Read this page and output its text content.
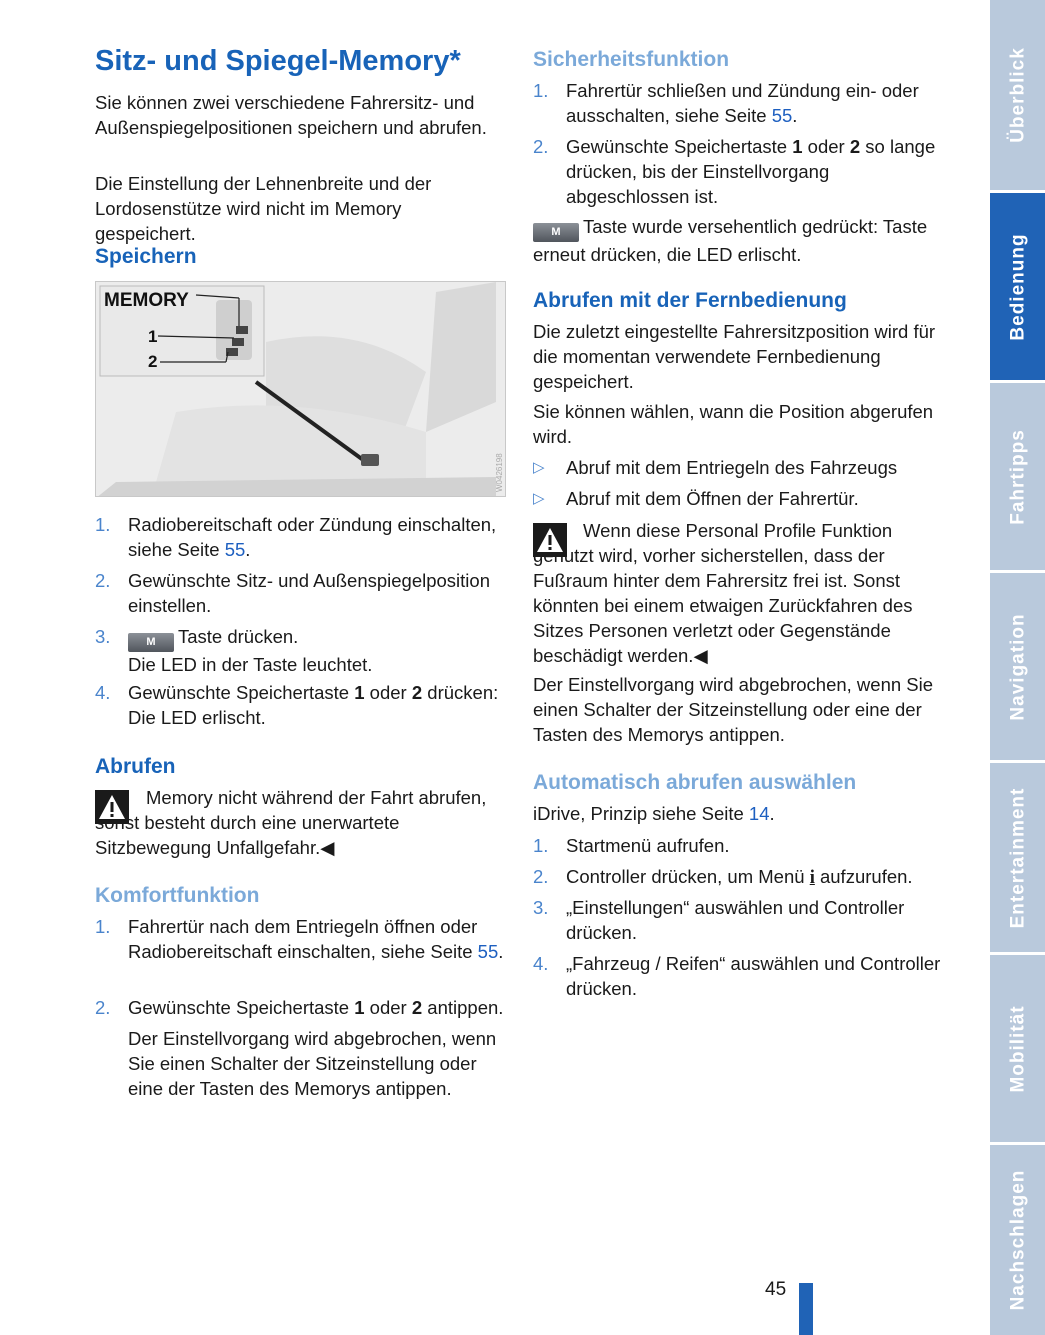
Sitz- und Spiegel-Memory*

Sie können zwei verschiedene Fahrersitz- und Außenspiegelpositionen speichern und abrufen.

Die Einstellung der Lehnenbreite und der Lordosenstütze wird nicht im Memory gespeichert.

Speichern
MEMORY
1
2
W0426198
1. Radiobereitschaft oder Zündung einschalten, siehe Seite 55.
2. Gewünschte Sitz- und Außenspiegelposition einstellen.
3.	M Taste drücken.
Die LED in der Taste leuchtet.
4. Gewünschte Speichertaste 1 oder 2 drücken: Die LED erlischt.
Abrufen

Memory nicht während der Fahrt abrufen, sonst besteht durch eine unerwartete Sitzbewegung Unfallgefahr.◀

Komfortfunktion
1. Fahrertür nach dem Entriegeln öffnen oder Radiobereitschaft einschalten, siehe Seite 55.
2. Gewünschte Speichertaste 1 oder 2 antippen.

Der Einstellvorgang wird abgebrochen, wenn Sie einen Schalter der Sitzeinstellung oder eine der Tasten des Memorys antippen.

Sicherheitsfunktion
1. Fahrertür schließen und Zündung ein- oder ausschalten, siehe Seite 55.
2. Gewünschte Speichertaste 1 oder 2 so lange drücken, bis der Einstellvorgang abgeschlossen ist.

M Taste wurde versehentlich gedrückt: Taste erneut drücken, die LED erlischt.

Abrufen mit der Fernbedienung

Die zuletzt eingestellte Fahrersitzposition wird für die momentan verwendete Fernbedienung gespeichert.

Sie können wählen, wann die Position abgerufen wird.

▷ Abruf mit dem Entriegeln des Fahrzeugs
▷ Abruf mit dem Öffnen der Fahrertür.

Wenn diese Personal Profile Funktion genutzt wird, vorher sicherstellen, dass der Fußraum hinter dem Fahrersitz frei ist. Sonst könnten bei einem etwaigen Zurückfahren des Sitzes Personen verletzt oder Gegenstände beschädigt werden.◀

Der Einstellvorgang wird abgebrochen, wenn Sie einen Schalter der Sitzeinstellung oder eine der Tasten des Memorys antippen.

Automatisch abrufen auswählen

iDrive, Prinzip siehe Seite 14.

1. Startmenü aufrufen.
2. Controller drücken, um Menü i aufzurufen.
3. „Einstellungen“ auswählen und Controller drücken.
4. „Fahrzeug / Reifen“ auswählen und Controller drücken.
Überblick
Bedienung
Fahrtipps
Navigation
Entertainment
Mobilität
Nachschlagen
45
